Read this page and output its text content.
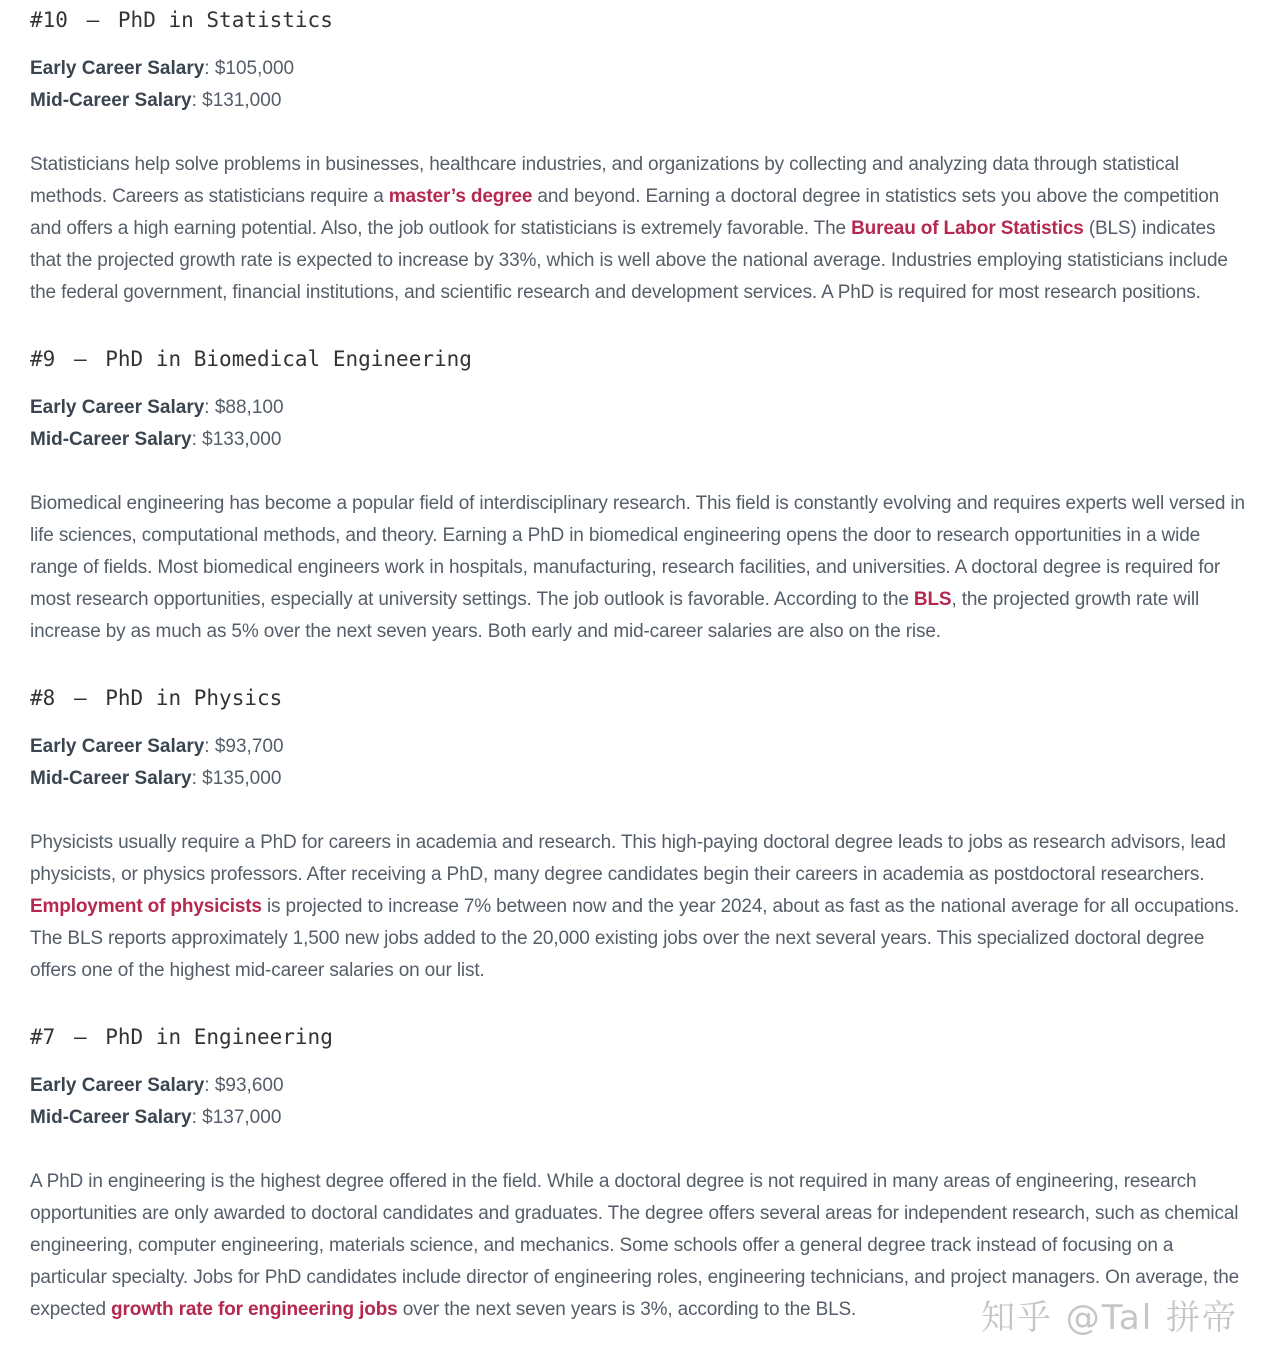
#10 – PhD in Statistics
Early Career Salary: $105,000
Mid-Career Salary: $131,000
Statisticians help solve problems in businesses, healthcare industries, and organizations by collecting and analyzing data through statistical
methods. Careers as statisticians require a master’s degree and beyond. Earning a doctoral degree in statistics sets you above the competition
and offers a high earning potential. Also, the job outlook for statisticians is extremely favorable. The Bureau of Labor Statistics (BLS) indicates
that the projected growth rate is expected to increase by 33%, which is well above the national average. Industries employing statisticians include
the federal government, financial institutions, and scientific research and development services. A PhD is required for most research positions.
#9 – PhD in Biomedical Engineering
Early Career Salary: $88,100
Mid-Career Salary: $133,000
Biomedical engineering has become a popular field of interdisciplinary research. This field is constantly evolving and requires experts well versed in
life sciences, computational methods, and theory. Earning a PhD in biomedical engineering opens the door to research opportunities in a wide
range of fields. Most biomedical engineers work in hospitals, manufacturing, research facilities, and universities. A doctoral degree is required for
most research opportunities, especially at university settings. The job outlook is favorable. According to the BLS, the projected growth rate will
increase by as much as 5% over the next seven years. Both early and mid-career salaries are also on the rise.
#8 – PhD in Physics
Early Career Salary: $93,700
Mid-Career Salary: $135,000
Physicists usually require a PhD for careers in academia and research. This high-paying doctoral degree leads to jobs as research advisors, lead
physicists, or physics professors. After receiving a PhD, many degree candidates begin their careers in academia as postdoctoral researchers.
Employment of physicists is projected to increase 7% between now and the year 2024, about as fast as the national average for all occupations.
The BLS reports approximately 1,500 new jobs added to the 20,000 existing jobs over the next several years. This specialized doctoral degree
offers one of the highest mid-career salaries on our list.
#7 – PhD in Engineering
Early Career Salary: $93,600
Mid-Career Salary: $137,000
A PhD in engineering is the highest degree offered in the field. While a doctoral degree is not required in many areas of engineering, research
opportunities are only awarded to doctoral candidates and graduates. The degree offers several areas for independent research, such as chemical
engineering, computer engineering, materials science, and mechanics. Some schools offer a general degree track instead of focusing on a
particular specialty. Jobs for PhD candidates include director of engineering roles, engineering technicians, and project managers. On average, the
expected growth rate for engineering jobs over the next seven years is 3%, according to the BLS.	知乎 @Tal 拼帝
